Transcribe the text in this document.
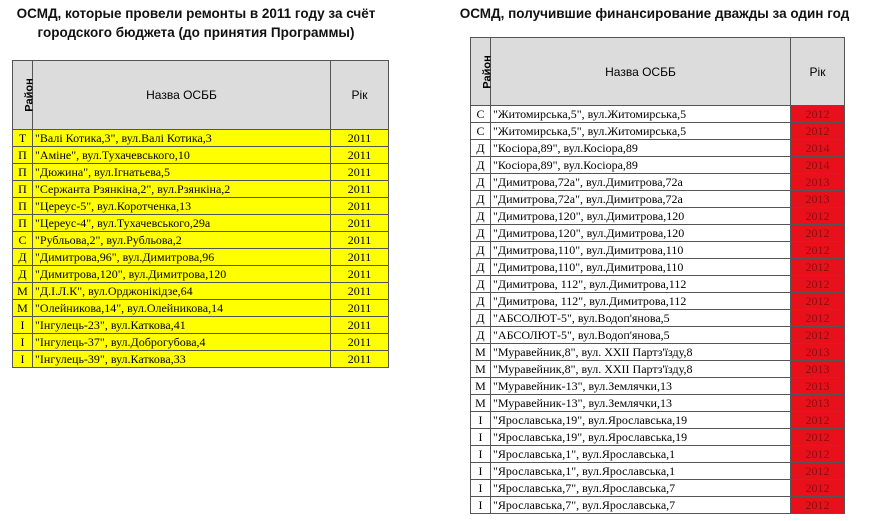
ОСМД, которые провели ремонты в 2011 году за счёт
городского бюджета (до принятия Программы)
ОСМД, получившие финансирование дважды за один год
Район	Назва ОСББ	Рік
Т	"Валі Котика,3", вул.Валі Котика,3	2011
П	"Аміне", вул.Тухачевського,10	2011
П	"Дюжина", вул.Ігнатьева,5	2011
П	"Сержанта Рзянкіна,2", вул.Рзянкіна,2	2011
П	"Цереус-5", вул.Коротченка,13	2011
П	"Цереус-4", вул.Тухачевського,29а	2011
С	"Рубльова,2", вул.Рубльова,2	2011
Д	"Димитрова,96", вул.Димитрова,96	2011
Д	"Димитрова,120", вул.Димитрова,120	2011
М	"Д.І.Л.К", вул.Орджонікідзе,64	2011
М	"Олейникова,14", вул.Олейникова,14	2011
І	"Інгулець-23", вул.Каткова,41	2011
І	"Інгулець-37", вул.Доброгубова,4	2011
І	"Інгулець-39", вул.Каткова,33	2011
Район	Назва ОСББ	Рік
С	"Житомирська,5", вул.Житомирська,5	2012
С	"Житомирська,5", вул.Житомирська,5	2012
Д	"Косіора,89", вул.Косіора,89	2014
Д	"Косіора,89", вул.Косіора,89	2014
Д	"Димитрова,72а", вул.Димитрова,72а	2013
Д	"Димитрова,72а", вул.Димитрова,72а	2013
Д	"Димитрова,120", вул.Димитрова,120	2012
Д	"Димитрова,120", вул.Димитрова,120	2012
Д	"Димитрова,110", вул.Димитрова,110	2012
Д	"Димитрова,110", вул.Димитрова,110	2012
Д	"Димитрова, 112", вул.Димитрова,112	2012
Д	"Димитрова, 112", вул.Димитрова,112	2012
Д	"АБСОЛЮТ-5", вул.Водоп'янова,5	2012
Д	"АБСОЛЮТ-5", вул.Водоп'янова,5	2012
М	"Муравейник,8", вул. ХХІІ Партз'їзду,8	2013
М	"Муравейник,8", вул. ХХІІ Партз'їзду,8	2013
М	"Муравейник-13", вул.Землячки,13	2013
М	"Муравейник-13", вул.Землячки,13	2013
І	"Ярославська,19", вул.Ярославська,19	2012
І	"Ярославська,19", вул.Ярославська,19	2012
І	"Ярославська,1", вул.Ярославська,1	2012
І	"Ярославська,1", вул.Ярославська,1	2012
І	"Ярославська,7", вул.Ярославська,7	2012
І	"Ярославська,7", вул.Ярославська,7	2012
